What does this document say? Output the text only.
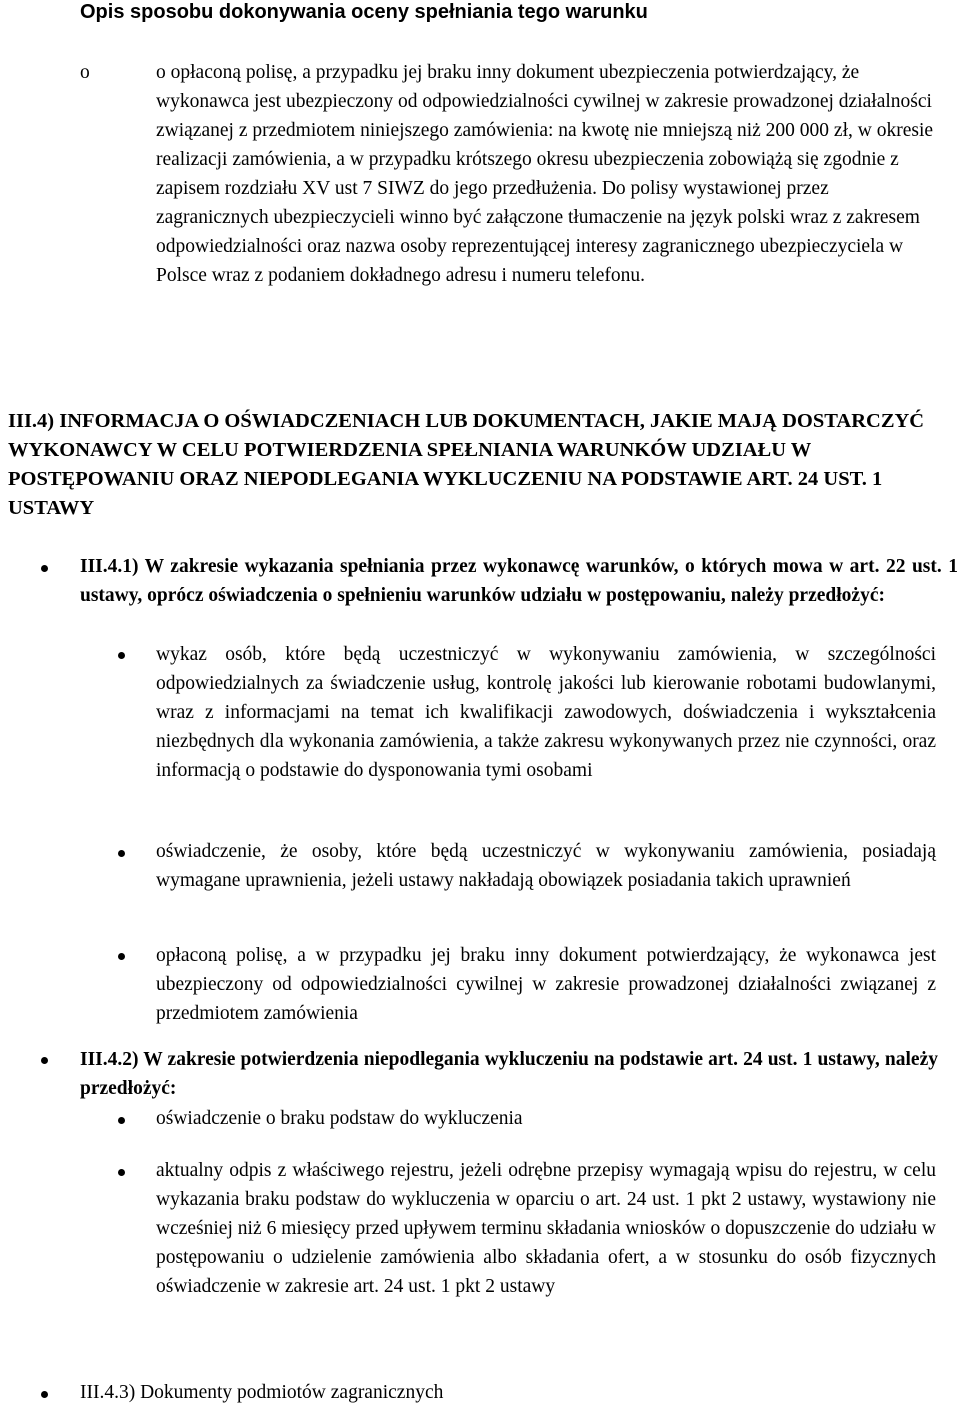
Opis sposobu dokonywania oceny spełniania tego warunku
o	o opłaconą polisę, a przypadku jej braku inny dokument ubezpieczenia potwierdzający, że wykonawca jest ubezpieczony od odpowiedzialności cywilnej w zakresie prowadzonej działalności związanej z przedmiotem niniejszego zamówienia: na kwotę nie mniejszą niż 200 000 zł, w okresie realizacji zamówienia, a w przypadku krótszego okresu ubezpieczenia zobowiążą się zgodnie z zapisem rozdziału XV ust 7 SIWZ do jego przedłużenia. Do polisy wystawionej przez zagranicznych ubezpieczycieli winno być załączone tłumaczenie na język polski wraz z zakresem odpowiedzialności oraz nazwa osoby reprezentującej interesy zagranicznego ubezpieczyciela w Polsce wraz z podaniem dokładnego adresu i numeru telefonu.
III.4) INFORMACJA O OŚWIADCZENIACH LUB DOKUMENTACH, JAKIE MAJĄ DOSTARCZYĆ WYKONAWCY W CELU POTWIERDZENIA SPEŁNIANIA WARUNKÓW UDZIAŁU W POSTĘPOWANIU ORAZ NIEPODLEGANIA WYKLUCZENIU NA PODSTAWIE ART. 24 UST. 1 USTAWY
III.4.1) W zakresie wykazania spełniania przez wykonawcę warunków, o których mowa w art. 22 ust. 1 ustawy, oprócz oświadczenia o spełnieniu warunków udziału w postępowaniu, należy przedłożyć:
wykaz osób, które będą uczestniczyć w wykonywaniu zamówienia, w szczególności odpowiedzialnych za świadczenie usług, kontrolę jakości lub kierowanie robotami budowlanymi, wraz z informacjami na temat ich kwalifikacji zawodowych, doświadczenia i wykształcenia niezbędnych dla wykonania zamówienia, a także zakresu wykonywanych przez nie czynności, oraz informacją o podstawie do dysponowania tymi osobami
oświadczenie, że osoby, które będą uczestniczyć w wykonywaniu zamówienia, posiadają wymagane uprawnienia, jeżeli ustawy nakładają obowiązek posiadania takich uprawnień
opłaconą polisę, a w przypadku jej braku inny dokument potwierdzający, że wykonawca jest ubezpieczony od odpowiedzialności cywilnej w zakresie prowadzonej działalności związanej z przedmiotem zamówienia
III.4.2) W zakresie potwierdzenia niepodlegania wykluczeniu na podstawie art. 24 ust. 1 ustawy, należy przedłożyć:
oświadczenie o braku podstaw do wykluczenia
aktualny odpis z właściwego rejestru, jeżeli odrębne przepisy wymagają wpisu do rejestru, w celu wykazania braku podstaw do wykluczenia w oparciu o art. 24 ust. 1 pkt 2 ustawy, wystawiony nie wcześniej niż 6 miesięcy przed upływem terminu składania wniosków o dopuszczenie do udziału w postępowaniu o udzielenie zamówienia albo składania ofert, a w stosunku do osób fizycznych oświadczenie w zakresie art. 24 ust. 1 pkt 2 ustawy
III.4.3) Dokumenty podmiotów zagranicznych
